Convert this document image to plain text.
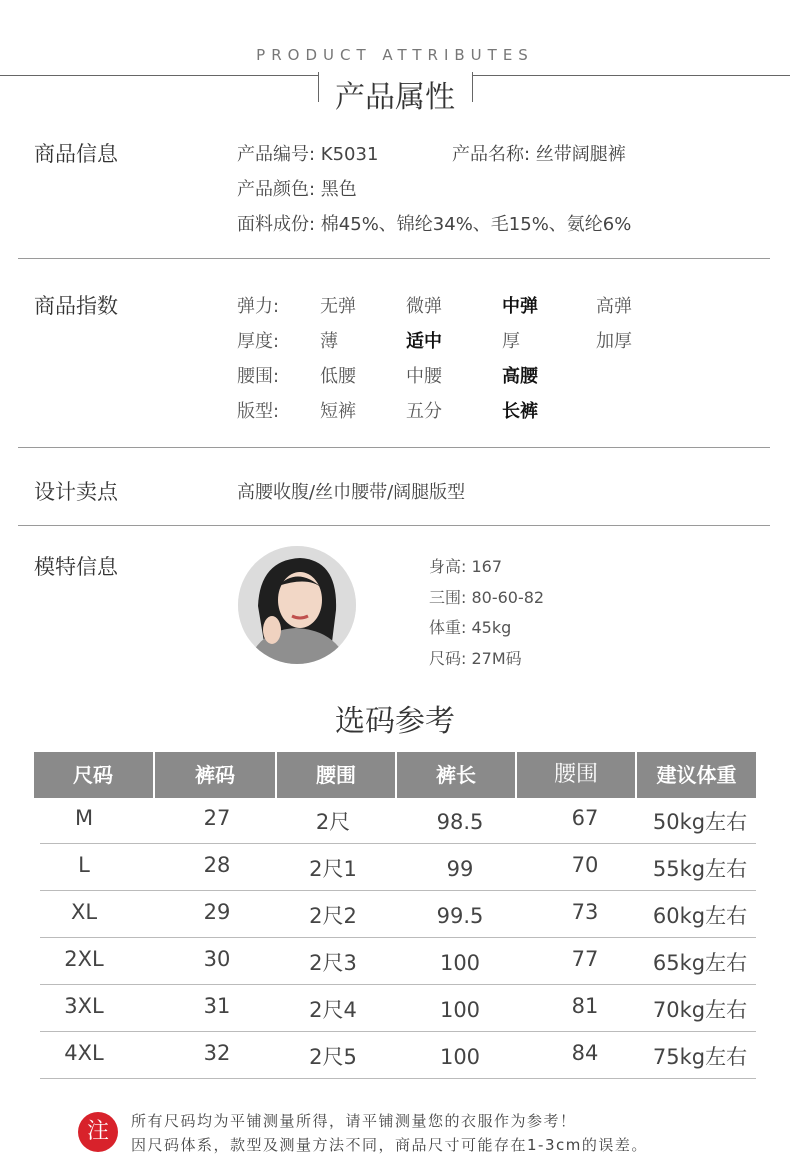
PRODUCT ATTRIBUTES
产品属性
商品信息	产品编号: K5031	产品名称: 丝带阔腿裤
产品颜色: 黑色
面料成份: 棉45%、锦纶34%、毛15%、氨纶6%
商品指数	弹力: 无弹	微弹	中弹	高弹
厚度: 薄	适中	厚	加厚
腰围: 低腰	中腰	高腰
版型: 短裤	五分	长裤
设计卖点	高腰收腹/丝巾腰带/阔腿版型
模特信息	身高: 167
三围: 80-60-82
体重: 45kg
尺码: 27M码
选码参考
尺码	裤码	腰围	裤长	腰围	建议体重
M	27	2尺	98.5	67	50kg左右
L	28	2尺1	99	70	55kg左右
XL	29	2尺2	99.5	73	60kg左右
2XL	30	2尺3	100	77	65kg左右
3XL	31	2尺4	100	81	70kg左右
4XL	32	2尺5	100	84	75kg左右
注	所有尺码均为平铺测量所得，请平铺测量您的衣服作为参考！
因尺码体系，款型及测量方法不同，商品尺寸可能存在1-3cm的误差。
